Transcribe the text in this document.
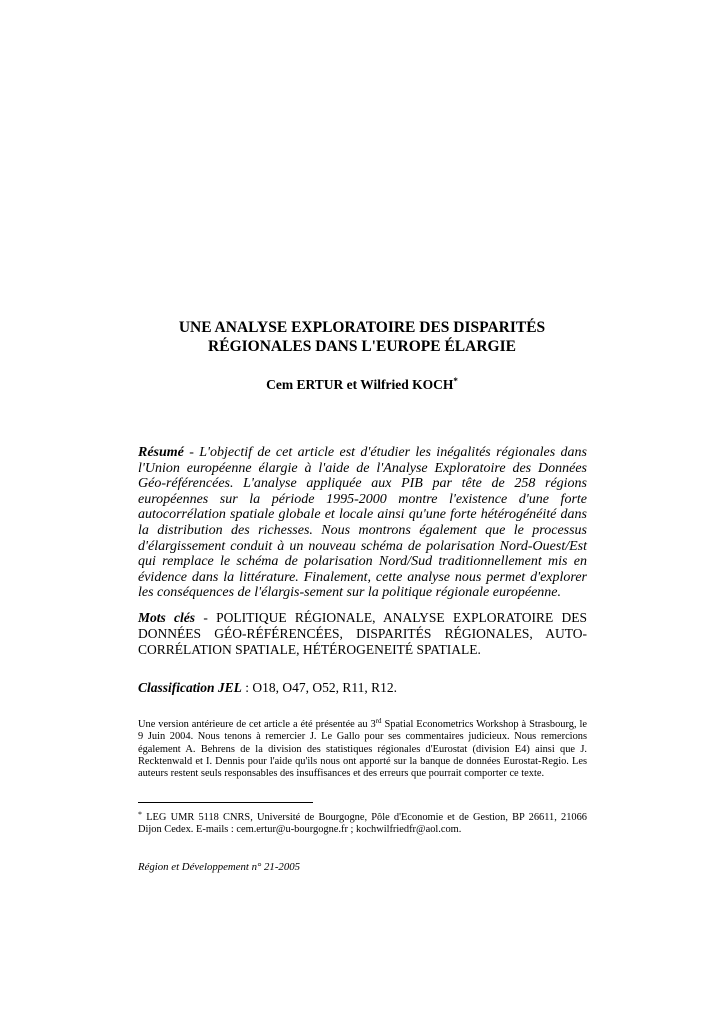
UNE ANALYSE EXPLORATOIRE DES DISPARITÉS
RÉGIONALES DANS L'EUROPE ÉLARGIE
Cem ERTUR et Wilfried KOCH*
Résumé - L'objectif de cet article est d'étudier les inégalités régionales dans l'Union européenne élargie à l'aide de l'Analyse Exploratoire des Données Géo-référencées. L'analyse appliquée aux PIB par tête de 258 régions européennes sur la période 1995-2000 montre l'existence d'une forte autocorrélation spatiale globale et locale ainsi qu'une forte hétérogénéité dans la distribution des richesses. Nous montrons également que le processus d'élargissement conduit à un nouveau schéma de polarisation Nord-Ouest/Est qui remplace le schéma de polarisation Nord/Sud traditionnellement mis en évidence dans la littérature. Finalement, cette analyse nous permet d'explorer les conséquences de l'élargis-sement sur la politique régionale européenne.
Mots clés - POLITIQUE RÉGIONALE, ANALYSE EXPLORATOIRE DES DONNÉES GÉO-RÉFÉRENCÉES, DISPARITÉS RÉGIONALES, AUTO-CORRÉLATION SPATIALE, HÉTÉROGENEITÉ SPATIALE.
Classification JEL : O18, O47, O52, R11, R12.
Une version antérieure de cet article a été présentée au 3rd Spatial Econometrics Workshop à Strasbourg, le 9 Juin 2004. Nous tenons à remercier J. Le Gallo pour ses commentaires judicieux. Nous remercions également A. Behrens de la division des statistiques régionales d'Eurostat (division E4) ainsi que J. Recktenwald et I. Dennis pour l'aide qu'ils nous ont apporté sur la banque de données Eurostat-Regio. Les auteurs restent seuls responsables des insuffisances et des erreurs que pourrait comporter ce texte.
* LEG UMR 5118 CNRS, Université de Bourgogne, Pôle d'Economie et de Gestion, BP 26611, 21066 Dijon Cedex. E-mails : cem.ertur@u-bourgogne.fr ; kochwilfriedfr@aol.com.
Région et Développement n° 21-2005
